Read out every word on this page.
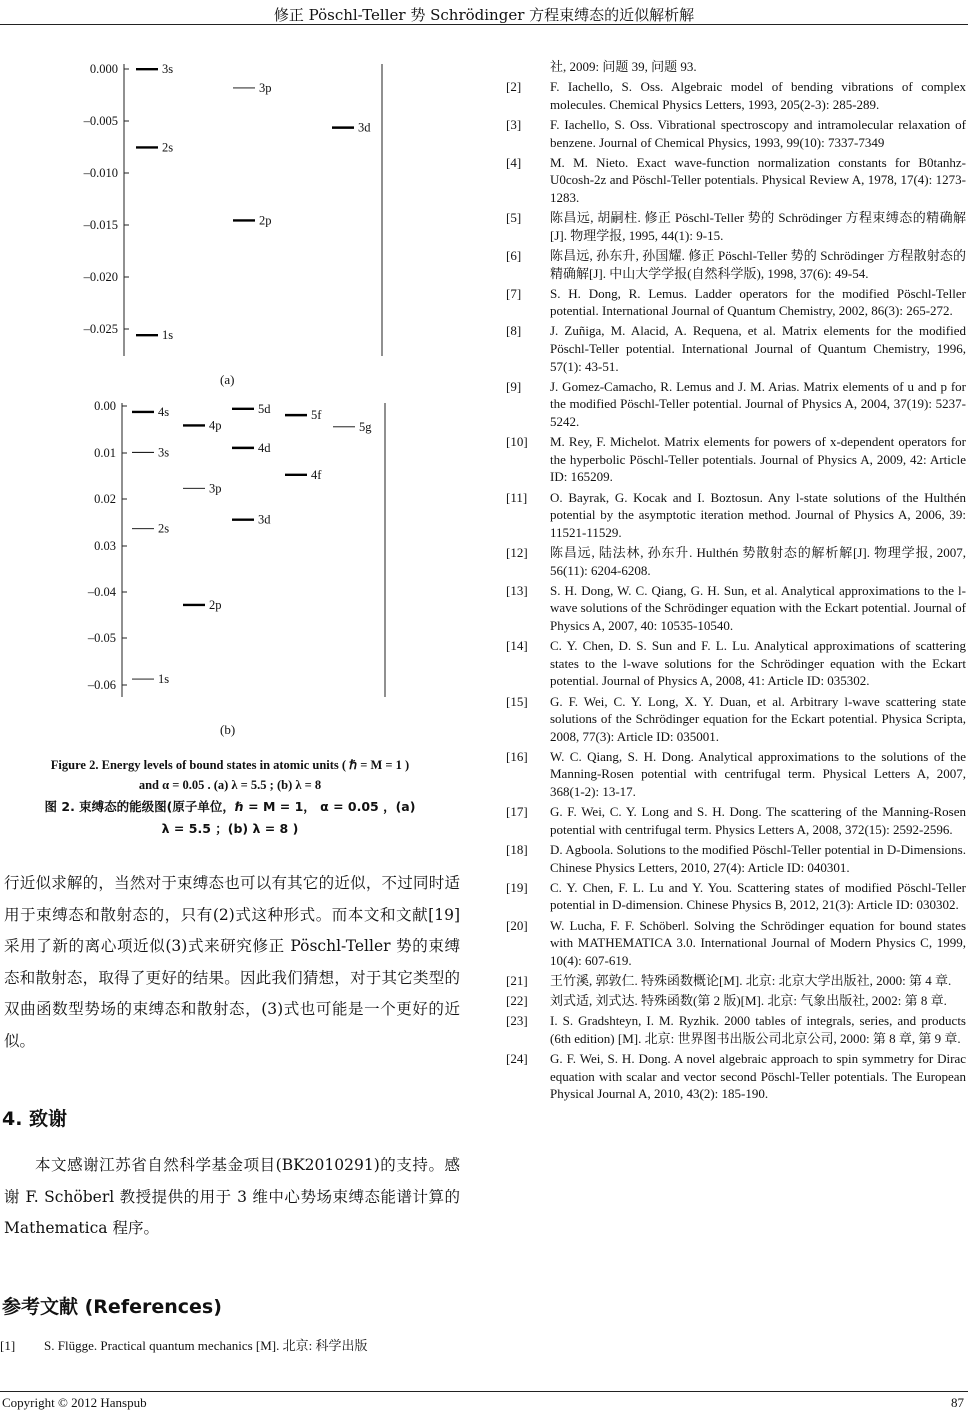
修正 Pöschl-Teller 势 Schrödinger 方程束缚态的近似解析解
0.000
–0.005
–0.010
–0.015
–0.020
–0.025
3s
2s
1s
3p
2p
3d
(a)
0.00
0.01
0.02
0.03
–0.04
–0.05
–0.06
4s
3s
2s
1s
4p
3p
2p
5d
4d
3d
5f
4f
5g
(b)
Figure 2. Energy levels of bound states in atomic units ( ℏ = M = 1 )
and α = 0.05 . (a) λ = 5.5 ; (b) λ = 8
图 2. 束缚态的能级图(原子单位，ℏ = M = 1， α = 0.05 ，(a)
λ = 5.5 ；(b) λ = 8 )
行近似求解的，当然对于束缚态也可以有其它的近似，不过同时适用于束缚态和散射态的，只有(2)式这种形式。而本文和文献[19]采用了新的离心项近似(3)式来研究修正 Pöschl-Teller 势的束缚态和散射态，取得了更好的结果。因此我们猜想，对于其它类型的双曲函数型势场的束缚态和散射态，(3)式也可能是一个更好的近似。
4. 致谢
本文感谢江苏省自然科学基金项目(BK2010291)的支持。感谢 F. Schöberl 教授提供的用于 3 维中心势场束缚态能谱计算的 Mathematica 程序。
参考文献 (References)
[1]	S. Flügge. Practical quantum mechanics [M]. 北京: 科学出版
社, 2009: 问题 39, 问题 93.
[2]	F. Iachello, S. Oss. Algebraic model of bending vibrations of complex molecules. Chemical Physics Letters, 1993, 205(2-3): 285-289.
[3]	F. Iachello, S. Oss. Vibrational spectroscopy and intramolecular relaxation of benzene. Journal of Chemical Physics, 1993, 99(10): 7337-7349
[4]	M. M. Nieto. Exact wave-function normalization constants for B0tanhz-U0cosh-2z and Pöschl-Teller potentials. Physical Review A, 1978, 17(4): 1273-1283.
[5]	陈昌远, 胡嗣柱. 修正 Pöschl-Teller 势的 Schrödinger 方程束缚态的精确解[J]. 物理学报, 1995, 44(1): 9-15.
[6]	陈昌远, 孙东升, 孙国耀. 修正 Pöschl-Teller 势的 Schrödinger 方程散射态的精确解[J]. 中山大学学报(自然科学版), 1998, 37(6): 49-54.
[7]	S. H. Dong, R. Lemus. Ladder operators for the modified Pöschl-Teller potential. International Journal of Quantum Chemistry, 2002, 86(3): 265-272.
[8]	J. Zuñiga, M. Alacid, A. Requena, et al. Matrix elements for the modified Pöschl-Teller potential. International Journal of Quantum Chemistry, 1996, 57(1): 43-51.
[9]	J. Gomez-Camacho, R. Lemus and J. M. Arias. Matrix elements of u and p for the modified Pöschl-Teller potential. Journal of Physics A, 2004, 37(19): 5237-5242.
[10]	M. Rey, F. Michelot. Matrix elements for powers of x-dependent operators for the hyperbolic Pöschl-Teller potentials. Journal of Physics A, 2009, 42: Article ID: 165209.
[11]	O. Bayrak, G. Kocak and I. Boztosun. Any l-state solutions of the Hulthén potential by the asymptotic iteration method. Journal of Physics A, 2006, 39: 11521-11529.
[12]	陈昌远, 陆法林, 孙东升. Hulthén 势散射态的解析解[J]. 物理学报, 2007, 56(11): 6204-6208.
[13]	S. H. Dong, W. C. Qiang, G. H. Sun, et al. Analytical approximations to the l-wave solutions of the Schrödinger equation with the Eckart potential. Journal of Physics A, 2007, 40: 10535-10540.
[14]	C. Y. Chen, D. S. Sun and F. L. Lu. Analytical approximations of scattering states to the l-wave solutions for the Schrödinger equation with the Eckart potential. Journal of Physics A, 2008, 41: Article ID: 035302.
[15]	G. F. Wei, C. Y. Long, X. Y. Duan, et al. Arbitrary l-wave scattering state solutions of the Schrödinger equation for the Eckart potential. Physica Scripta, 2008, 77(3): Article ID: 035001.
[16]	W. C. Qiang, S. H. Dong. Analytical approximations to the solutions of the Manning-Rosen potential with centrifugal term. Physical Letters A, 2007, 368(1-2): 13-17.
[17]	G. F. Wei, C. Y. Long and S. H. Dong. The scattering of the Manning-Rosen potential with centrifugal term. Physics Letters A, 2008, 372(15): 2592-2596.
[18]	D. Agboola. Solutions to the modified Pöschl-Teller potential in D-Dimensions. Chinese Physics Letters, 2010, 27(4): Article ID: 040301.
[19]	C. Y. Chen, F. L. Lu and Y. You. Scattering states of modified Pöschl-Teller potential in D-dimension. Chinese Physics B, 2012, 21(3): Article ID: 030302.
[20]	W. Lucha, F. F. Schöberl. Solving the Schrödinger equation for bound states with MATHEMATICA 3.0. International Journal of Modern Physics C, 1999, 10(4): 607-619.
[21]	王竹溪, 郭敦仁. 特殊函数概论[M]. 北京: 北京大学出版社, 2000: 第 4 章.
[22]	刘式适, 刘式达. 特殊函数(第 2 版)[M]. 北京: 气象出版社, 2002: 第 8 章.
[23]	I. S. Gradshteyn, I. M. Ryzhik. 2000 tables of integrals, series, and products (6th edition) [M]. 北京: 世界图书出版公司北京公司, 2000: 第 8 章, 第 9 章.
[24]	G. F. Wei, S. H. Dong. A novel algebraic approach to spin symmetry for Dirac equation with scalar and vector second Pöschl-Teller potentials. The European Physical Journal A, 2010, 43(2): 185-190.
Copyright © 2012 Hanspub	87
